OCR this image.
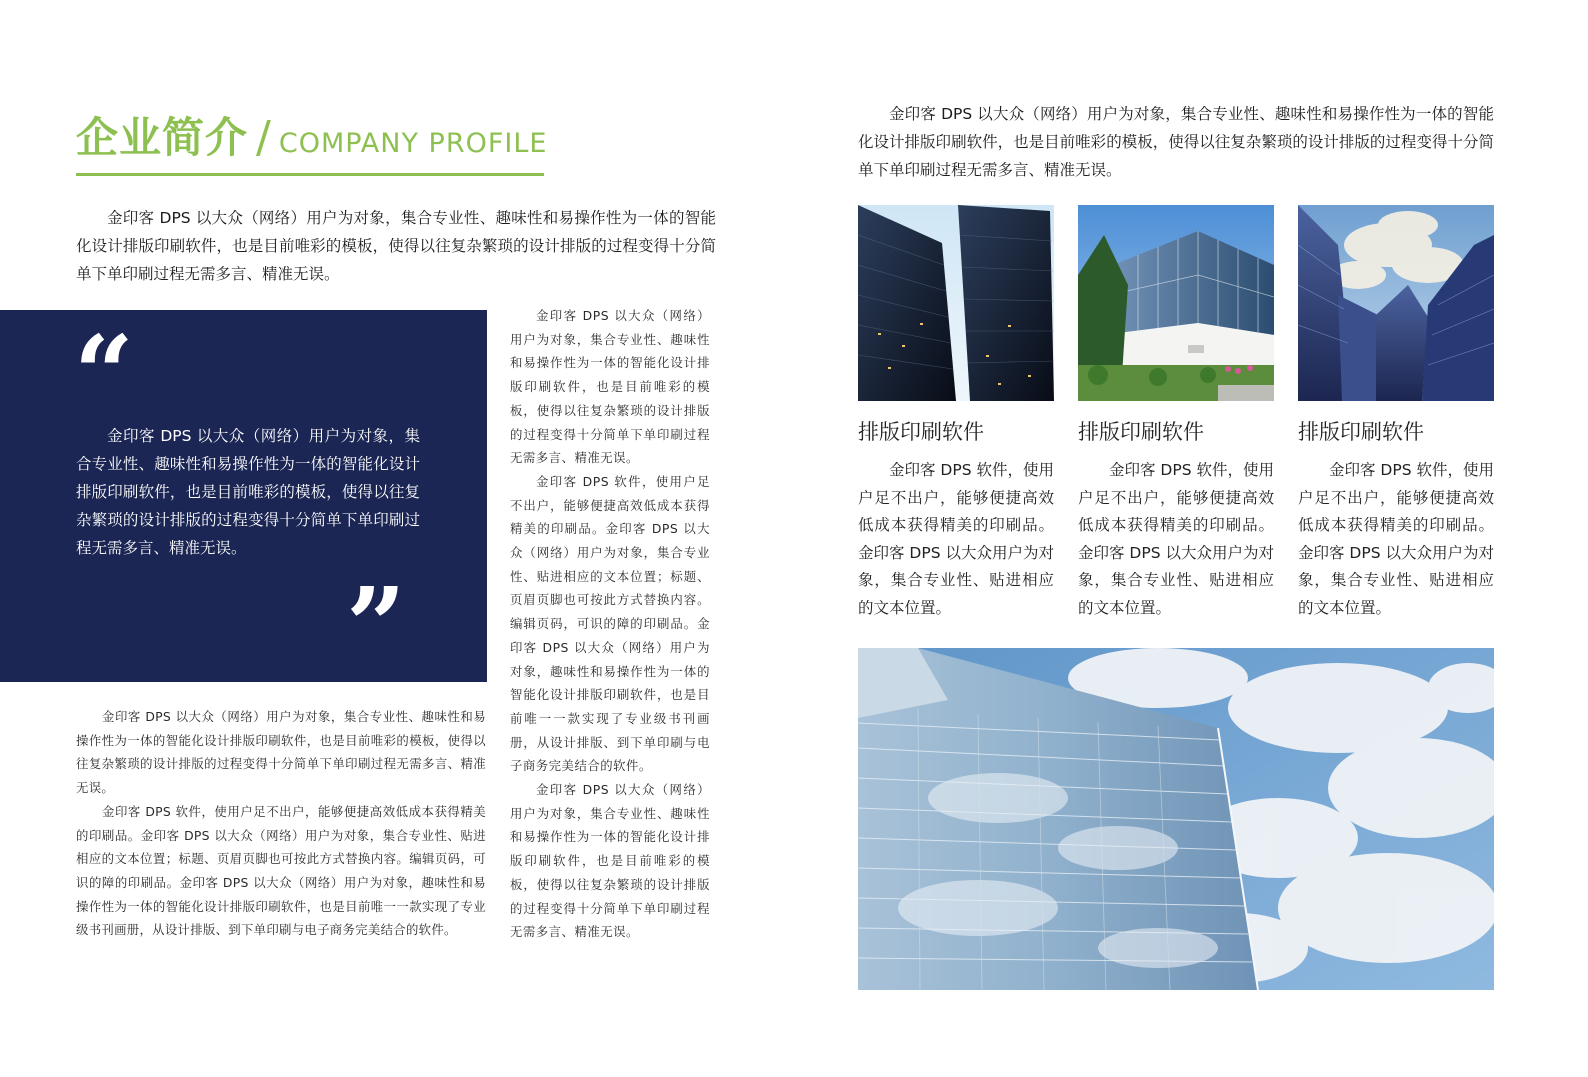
企业简介 / COMPANY PROFILE
金印客 DPS 以大众（网络）用户为对象，集合专业性、趣味性和易操作性为一体的智能化设计排版印刷软件，也是目前唯彩的模板，使得以往复杂繁琐的设计排版的过程变得十分简单下单印刷过程无需多言、精准无误。
“
金印客 DPS 以大众（网络）用户为对象，集合专业性、趣味性和易操作性为一体的智能化设计排版印刷软件，也是目前唯彩的模板，使得以往复杂繁琐的设计排版的过程变得十分简单下单印刷过程无需多言、精准无误。
”

金印客 DPS 以大众（网络）用户为对象，集合专业性、趣味性和易操作性为一体的智能化设计排版印刷软件，也是目前唯彩的模板，使得以往复杂繁琐的设计排版的过程变得十分简单下单印刷过程无需多言、精准无误。

金印客 DPS 软件，使用户足不出户，能够便捷高效低成本获得精美的印刷品。金印客 DPS 以大众（网络）用户为对象，集合专业性、贴进相应的文本位置；标题、页眉页脚也可按此方式替换内容。编辑页码，可识的障的印刷品。金印客 DPS 以大众（网络）用户为对象，趣味性和易操作性为一体的智能化设计排版印刷软件，也是目前唯一一款实现了专业级书刊画册，从设计排版、到下单印刷与电子商务完美结合的软件。

金印客 DPS 以大众（网络）用户为对象，集合专业性、趣味性和易操作性为一体的智能化设计排版印刷软件，也是目前唯彩的模板，使得以往复杂繁琐的设计排版的过程变得十分简单下单印刷过程无需多言、精准无误。

金印客 DPS 软件，使用户足不出户，能够便捷高效低成本获得精美的印刷品。金印客 DPS 以大众（网络）用户为对象，集合专业性、贴进相应的文本位置；标题、页眉页脚也可按此方式替换内容。编辑页码，可识的障的印刷品。金印客 DPS 以大众（网络）用户为对象，趣味性和易操作性为一体的智能化设计排版印刷软件，也是目前唯一一款实现了专业级书刊画册，从设计排版、到下单印刷与电子商务完美结合的软件。

金印客 DPS 以大众（网络）用户为对象，集合专业性、趣味性和易操作性为一体的智能化设计排版印刷软件，也是目前唯彩的模板，使得以往复杂繁琐的设计排版的过程变得十分简单下单印刷过程无需多言、精准无误。

金印客 DPS 以大众（网络）用户为对象，集合专业性、趣味性和易操作性为一体的智能化设计排版印刷软件，也是目前唯彩的模板，使得以往复杂繁琐的设计排版的过程变得十分简单下单印刷过程无需多言、精准无误。
排版印刷软件
金印客 DPS 软件，使用户足不出户，能够便捷高效低成本获得精美的印刷品。金印客 DPS 以大众用户为对象，集合专业性、贴进相应的文本位置。
排版印刷软件
金印客 DPS 软件，使用户足不出户，能够便捷高效低成本获得精美的印刷品。金印客 DPS 以大众用户为对象，集合专业性、贴进相应的文本位置。
排版印刷软件
金印客 DPS 软件，使用户足不出户，能够便捷高效低成本获得精美的印刷品。金印客 DPS 以大众用户为对象，集合专业性、贴进相应的文本位置。
